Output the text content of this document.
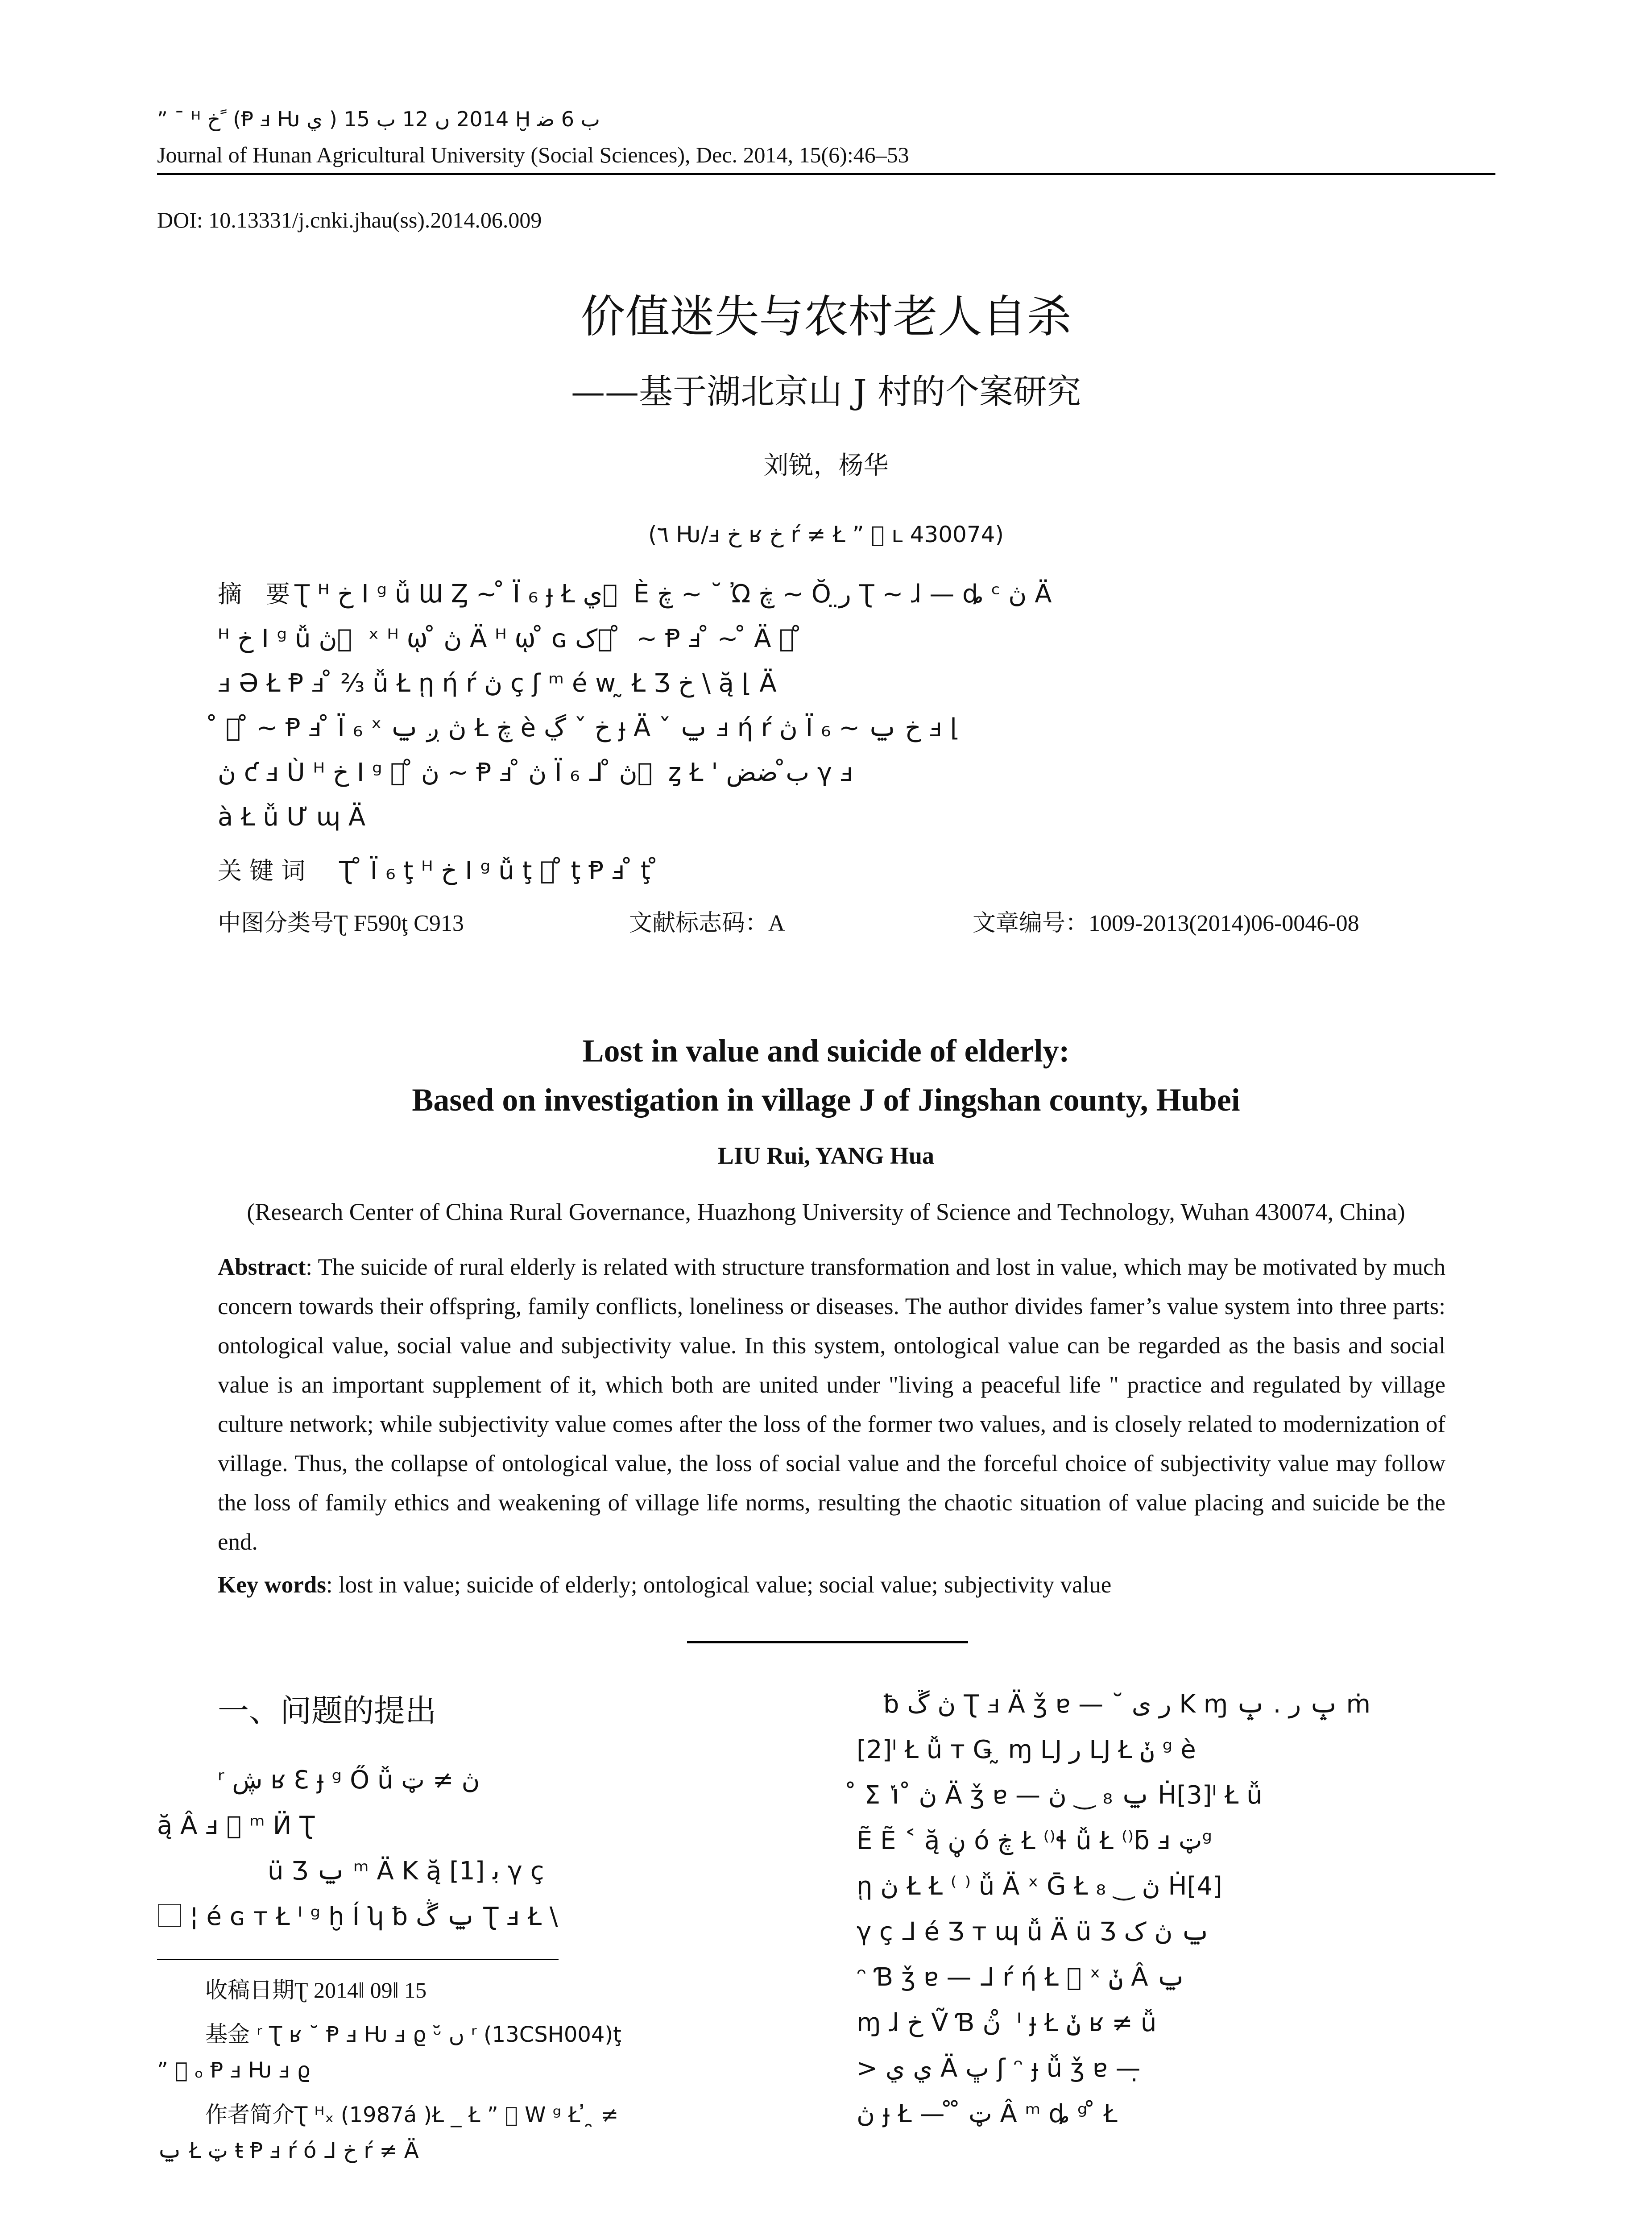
” ¯ ᴴ خ ً (Ᵽ ⅎ Ƕ ي ) 2014 ں 12 ب 15 Ḫ ب 6 ﺿ
Journal of Hunan Agricultural University (Social Sciences), Dec. 2014, 15(6):46–53
DOI: 10.13331/j.cnki.jhau(ss).2014.06.009
价值迷失与农村老人自杀
——基于湖北京山 J 村的个案研究
刘锐，杨华
(٦ Ƕ/ⅎ خ ʁ خ ŕ ≠ Ł ” ⃞ ʟ 430074)
摘　要 Ʈ ᴴ خ I ᵍ ǚ Ɯ Ȥ ~ ̊ Ï ₆ ɟ Ł ي ⃞ È ڿ ~ ˘ Ὠ ڿ ~ Ŏ ر̤ Ʈ ~ ɺ — ȡ ᶜ ڽ Ä
ᴴ خ I ᵍ ǚ ڽ ⃞ ˣ ᴴ ῳ ̊ ڽ Ä ᴴ ῳ ̊ ɢ ک ⃞ ̊ ~ Ᵽ ⅎ ̊ ~ ̊ Ä ⃞ ̊
ⅎ Ə Ł Ᵽ ⅎ ̊ ⅔ ǚ Ł ῃ ή ŕ ڽ ç ʃ ᵐ é w ̰ Ł Ʒ خ \ ą̆ ⌊ Ä
̊ ⃞ ̊ ~ Ᵽ ⅎ ̊ Ï ₆ ˣ ڽ ږ ݐ Ł ڿ è خ ˇ ڲ ɟ Ä ˇ ݐ ⅎ ή ŕ ڽ Ï ₆ ~ خ ݐ ⅎ ⌊
ڽ ƈ ⅎ Ù ᴴ خ I ᵍ ⃞ ̊ ڽ ~ Ᵽ ⅎ ̊ ڽ Ï ₆ ᒧ ̊ ڽ ⃞ ȥ Ł ' ب̊ ضض γ ⅎ
à Ł ǚ Ư ɰ Ä
关 键 词 Ʈ ̊ Ï ₆ ţ ᴴ خ I ᵍ ǚ ţ ⃞ ̊ ţ Ᵽ ⅎ ̊ ţ ̊
中图分类号Ʈ F590ţ C913	文献标志码：A	文章编号：1009-2013(2014)06-0046-08
Lost in value and suicide of elderly:
Based on investigation in village J of Jingshan county, Hubei
LIU Rui, YANG Hua
(Research Center of China Rural Governance, Huazhong University of Science and Technology, Wuhan 430074, China)
Abstract: The suicide of rural elderly is related with structure transformation and lost in value, which may be motivated by much concern towards their offspring, family conflicts, loneliness or diseases. The author divides famer’s value system into three parts: ontological value, social value and subjectivity value. In this system, ontological value can be regarded as the basis and social value is an important supplement of it, which both are united under "living a peaceful life " practice and regulated by village culture network; while subjectivity value comes after the loss of the former two values, and is closely related to modernization of village. Thus, the collapse of ontological value, the loss of social value and the forceful choice of subjectivity value may follow the loss of family ethics and weakening of village life norms, resulting the chaotic situation of value placing and suicide be the end.
Key words: lost in value; suicide of elderly; ontological value; social value; subjectivity value
一、问题的提出
ʳ ڜ ʁ Ɛ ɟ ᵍ Ő ǚ ڽ ≠ ټ
ą̆ Â ⅎ ⃞ ᵐ Ӥ Ʈ
ü Ʒ ݐ ᵐ Ä K ą̆ ﺑ [1] γ ç
⃞ ¦ é ɢ ᴛ Ł ᴵ ᵍ ḫ Í ʮ ƀ ݐ ڴ Ʈ ⅎ Ł \
收稿日期Ʈ 2014ǁ 09ǁ 15
基金 ʳ Ʈ ʁ ˘ Ᵽ ⅎ Ƕ ⅎ ϱ ᵕ̆ ں ʳ (13CSH004)ţ
” ⃞ ₒ Ᵽ ⅎ Ƕ ⅎ ϱ
作者简介Ʈ ᴴₓ (1987á )Ł _ Ł ” ⃞ W ᵍ Ł ̓ ̯ ≠
ݐ Ł ټ ŧ Ᵽ ⅎ ŕ ó ᒧ خ ŕ ≠ Ä
ƀ ڽ ڱ Ʈ ⅎ Ä ǯ ɐ — ˘ ر ى K ɱ ݒ ر . ݒ ṁ
[2]ᴵ Ł ǚ ᴛ Ǥ ̰ ɱ Ǉ ر Ǉ Ł ݩ ᵍ è
̊ Ʃ ڽ ̊ ݳ Ä ǯ ɐ — ݐ ₈ ‿ ڽ Ḣ[3]ᴵ Ł ǚ
Ẽ Ẽ ˂ ą̆ ڼ ó ڿ Ł ⁽⁾ɬ ǚ Ł ⁽⁾ƃ ⅎ ټᵍ
ῃ ڽ Ł Ł ⁽ ⁾ ǚ Ä ˣ Ḡ Ł ₈ ‿ ڽ Ḣ[4]
γ ç ᒧ é Ʒ ᴛ ɰ ǚ Ä ü Ʒ ݐ ڽ ک
ᵔ Ɓ ǯ ɐ — ᒧ ŕ ή Ł ⃞ ˣ ݩ Â ݐ
ɱ ɺ خ Ṽ Ɓ ڽ ̊ ᴵ ɟ Ł ݩ ʁ ≠ ǚ
> ي ي Ä ڀ ʃ ᵔ ɟ ǚ ǯ ɐ —̣
ڽ ɟ Ł — ̊ ̊ ټ Â ᵐ ȡ ᵍ ̊ Ł
